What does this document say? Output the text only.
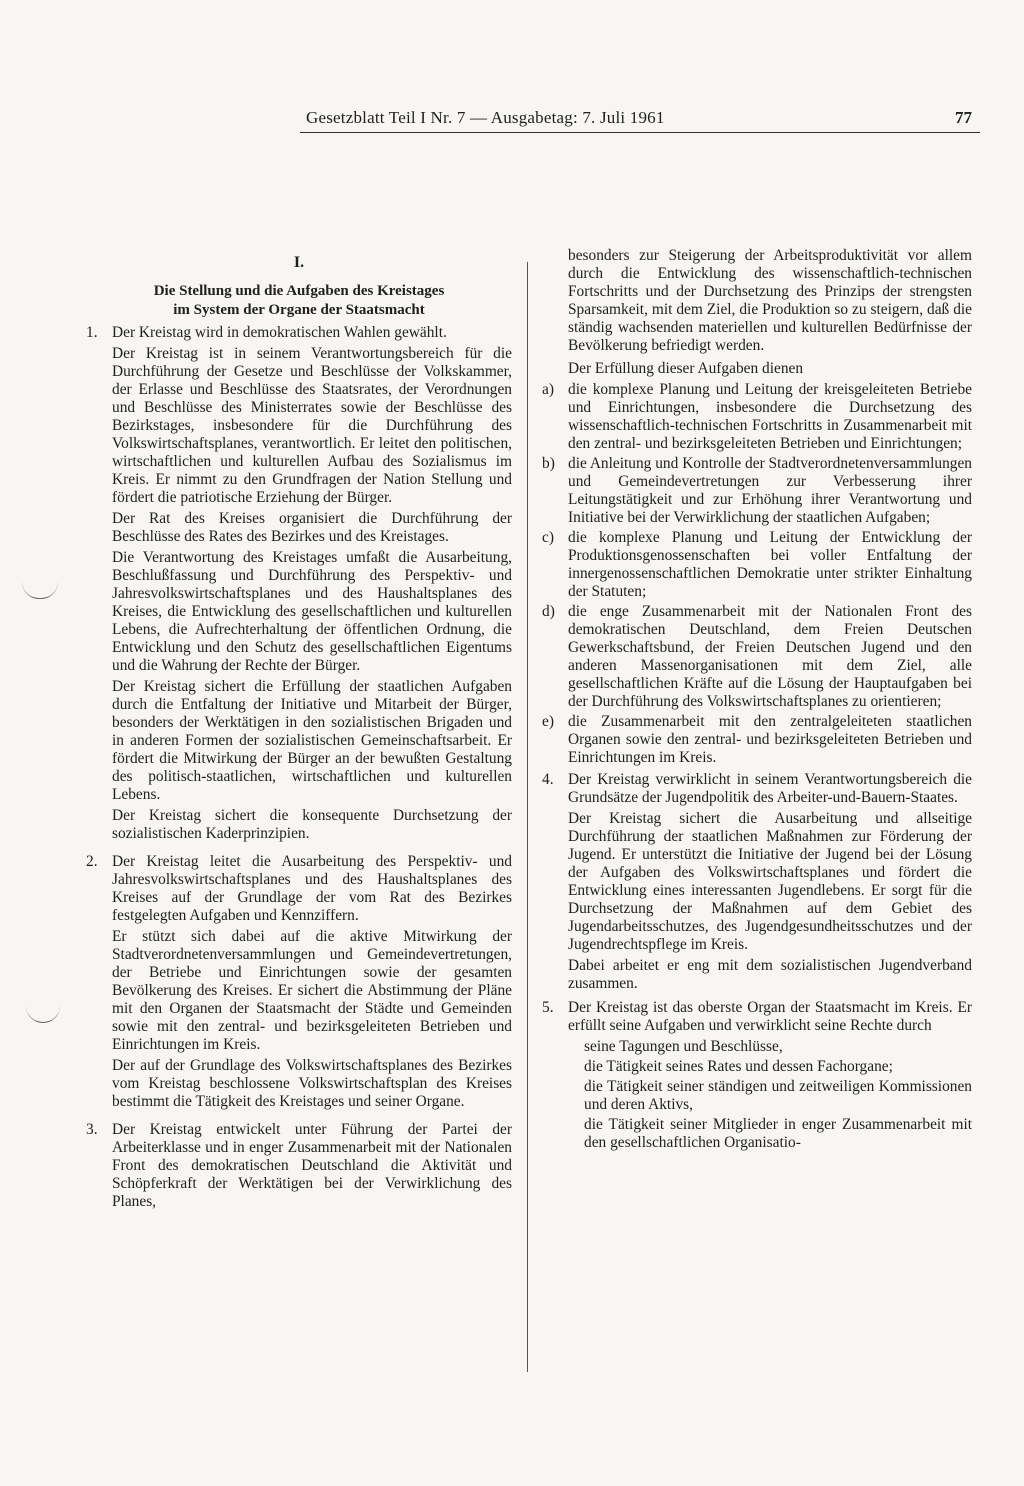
Gesetzblatt Teil I Nr. 7 — Ausgabetag: 7. Juli 1961	77
I.
Die Stellung und die Aufgaben des Kreistages
im System der Organe der Staatsmacht
1. Der Kreistag wird in demokratischen Wahlen gewählt.

Der Kreistag ist in seinem Verantwortungsbereich für die Durchführung der Gesetze und Beschlüsse der Volkskammer, der Erlasse und Beschlüsse des Staatsrates, der Verordnungen und Beschlüsse des Ministerrates sowie der Beschlüsse des Bezirkstages, insbesondere für die Durchführung des Volkswirtschaftsplanes, verantwortlich. Er leitet den politischen, wirtschaftlichen und kulturellen Aufbau des Sozialismus im Kreis. Er nimmt zu den Grundfragen der Nation Stellung und fördert die patriotische Erziehung der Bürger.

Der Rat des Kreises organisiert die Durchführung der Beschlüsse des Rates des Bezirkes und des Kreistages.

Die Verantwortung des Kreistages umfaßt die Ausarbeitung, Beschlußfassung und Durchführung des Perspektiv- und Jahresvolkswirtschaftsplanes und des Haushaltsplanes des Kreises, die Entwicklung des gesellschaftlichen und kulturellen Lebens, die Aufrechterhaltung der öffentlichen Ordnung, die Entwicklung und den Schutz des gesellschaftlichen Eigentums und die Wahrung der Rechte der Bürger.

Der Kreistag sichert die Erfüllung der staatlichen Aufgaben durch die Entfaltung der Initiative und Mitarbeit der Bürger, besonders der Werktätigen in den sozialistischen Brigaden und in anderen Formen der sozialistischen Gemeinschaftsarbeit. Er fördert die Mitwirkung der Bürger an der bewußten Gestaltung des politisch-staatlichen, wirtschaftlichen und kulturellen Lebens.

Der Kreistag sichert die konsequente Durchsetzung der sozialistischen Kaderprinzipien.

2. Der Kreistag leitet die Ausarbeitung des Perspektiv- und Jahresvolkswirtschaftsplanes und des Haushaltsplanes des Kreises auf der Grundlage der vom Rat des Bezirkes festgelegten Aufgaben und Kennziffern.

Er stützt sich dabei auf die aktive Mitwirkung der Stadtverordnetenversammlungen und Gemeindevertretungen, der Betriebe und Einrichtungen sowie der gesamten Bevölkerung des Kreises. Er sichert die Abstimmung der Pläne mit den Organen der Staatsmacht der Städte und Gemeinden sowie mit den zentral- und bezirksgeleiteten Betrieben und Einrichtungen im Kreis.

Der auf der Grundlage des Volkswirtschaftsplanes des Bezirkes vom Kreistag beschlossene Volkswirtschaftsplan des Kreises bestimmt die Tätigkeit des Kreistages und seiner Organe.

3. Der Kreistag entwickelt unter Führung der Partei der Arbeiterklasse und in enger Zusammenarbeit mit der Nationalen Front des demokratischen Deutschland die Aktivität und Schöpferkraft der Werktätigen bei der Verwirklichung des Planes,

besonders zur Steigerung der Arbeitsproduktivität vor allem durch die Entwicklung des wissenschaftlich-technischen Fortschritts und der Durchsetzung des Prinzips der strengsten Sparsamkeit, mit dem Ziel, die Produktion so zu steigern, daß die ständig wachsenden materiellen und kulturellen Bedürfnisse der Bevölkerung befriedigt werden.

Der Erfüllung dieser Aufgaben dienen

a) die komplexe Planung und Leitung der kreisgeleiteten Betriebe und Einrichtungen, insbesondere die Durchsetzung des wissenschaftlich-technischen Fortschritts in Zusammenarbeit mit den zentral- und bezirksgeleiteten Betrieben und Einrichtungen;
b) die Anleitung und Kontrolle der Stadtverordnetenversammlungen und Gemeindevertretungen zur Verbesserung ihrer Leitungstätigkeit und zur Erhöhung ihrer Verantwortung und Initiative bei der Verwirklichung der staatlichen Aufgaben;
c) die komplexe Planung und Leitung der Entwicklung der Produktionsgenossenschaften bei voller Entfaltung der innergenossenschaftlichen Demokratie unter strikter Einhaltung der Statuten;
d) die enge Zusammenarbeit mit der Nationalen Front des demokratischen Deutschland, dem Freien Deutschen Gewerkschaftsbund, der Freien Deutschen Jugend und den anderen Massenorganisationen mit dem Ziel, alle gesellschaftlichen Kräfte auf die Lösung der Hauptaufgaben bei der Durchführung des Volkswirtschaftsplanes zu orientieren;
e) die Zusammenarbeit mit den zentralgeleiteten staatlichen Organen sowie den zentral- und bezirksgeleiteten Betrieben und Einrichtungen im Kreis.
4. Der Kreistag verwirklicht in seinem Verantwortungsbereich die Grundsätze der Jugendpolitik des Arbeiter-und-Bauern-Staates.

Der Kreistag sichert die Ausarbeitung und allseitige Durchführung der staatlichen Maßnahmen zur Förderung der Jugend. Er unterstützt die Initiative der Jugend bei der Lösung der Aufgaben des Volkswirtschaftsplanes und fördert die Entwicklung eines interessanten Jugendlebens. Er sorgt für die Durchsetzung der Maßnahmen auf dem Gebiet des Jugendarbeitsschutzes, des Jugendgesundheitsschutzes und der Jugendrechtspflege im Kreis.

Dabei arbeitet er eng mit dem sozialistischen Jugendverband zusammen.

5. Der Kreistag ist das oberste Organ der Staatsmacht im Kreis. Er erfüllt seine Aufgaben und verwirklicht seine Rechte durch

seine Tagungen und Beschlüsse,

die Tätigkeit seines Rates und dessen Fachorgane;

die Tätigkeit seiner ständigen und zeitweiligen Kommissionen und deren Aktivs,

die Tätigkeit seiner Mitglieder in enger Zusammenarbeit mit den gesellschaftlichen Organisatio-
